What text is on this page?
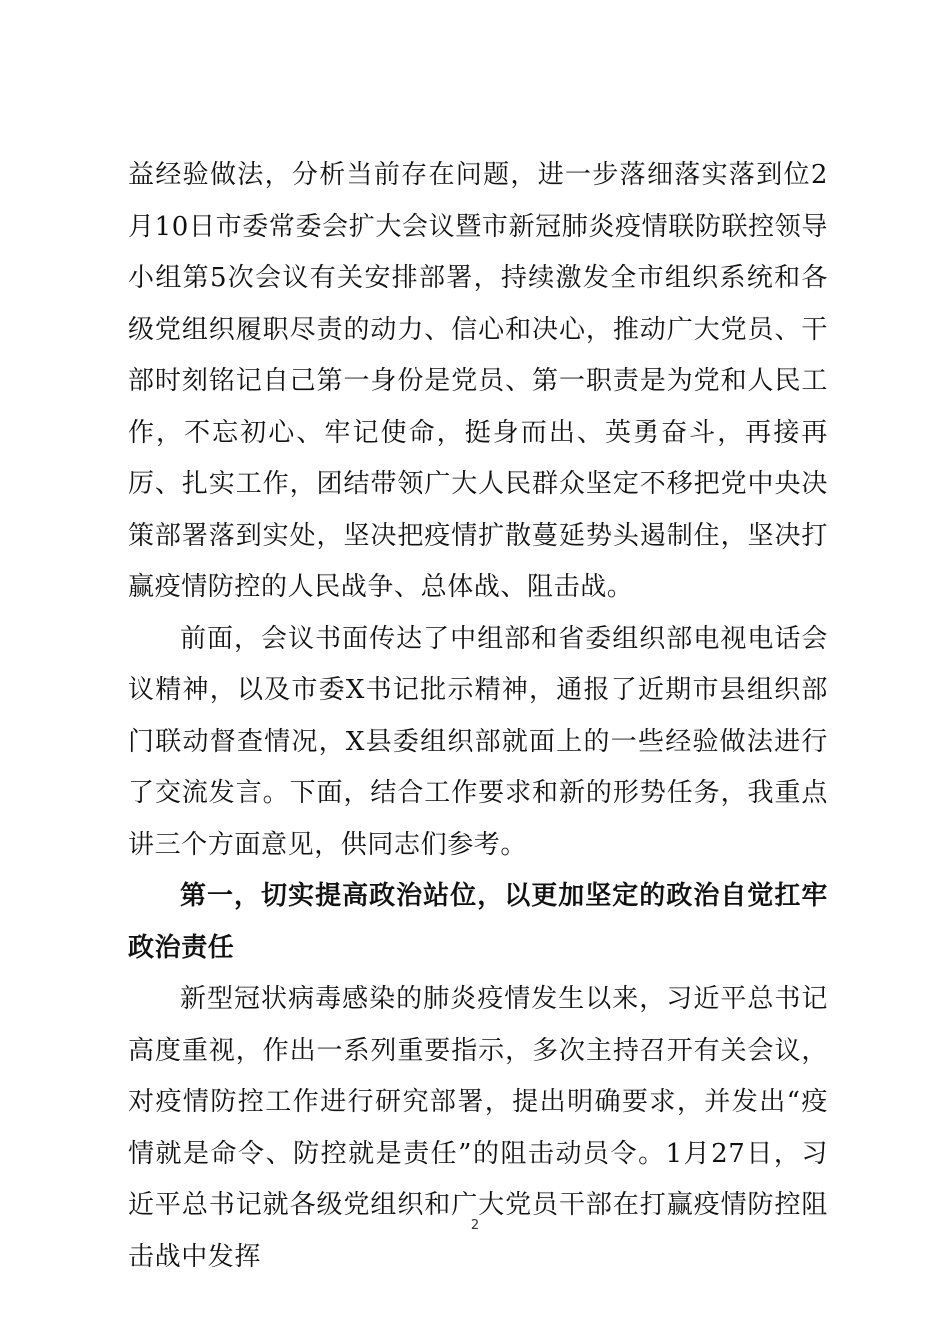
益经验做法，分析当前存在问题，进一步落细落实落到位2月10日市委常委会扩大会议暨市新冠肺炎疫情联防联控领导小组第5次会议有关安排部署，持续激发全市组织系统和各级党组织履职尽责的动力、信心和决心，推动广大党员、干部时刻铭记自己第一身份是党员、第一职责是为党和人民工作，不忘初心、牢记使命，挺身而出、英勇奋斗，再接再厉、扎实工作，团结带领广大人民群众坚定不移把党中央决策部署落到实处，坚决把疫情扩散蔓延势头遏制住，坚决打赢疫情防控的人民战争、总体战、阻击战。

前面，会议书面传达了中组部和省委组织部电视电话会议精神，以及市委X书记批示精神，通报了近期市县组织部门联动督查情况，X县委组织部就面上的一些经验做法进行了交流发言。下面，结合工作要求和新的形势任务，我重点讲三个方面意见，供同志们参考。

第一，切实提高政治站位，以更加坚定的政治自觉扛牢政治责任

新型冠状病毒感染的肺炎疫情发生以来，习近平总书记高度重视，作出一系列重要指示，多次主持召开有关会议，对疫情防控工作进行研究部署，提出明确要求，并发出“疫情就是命令、防控就是责任”的阻击动员令。1月27日，习近平总书记就各级党组织和广大党员干部在打赢疫情防控阻击战中发挥

2
